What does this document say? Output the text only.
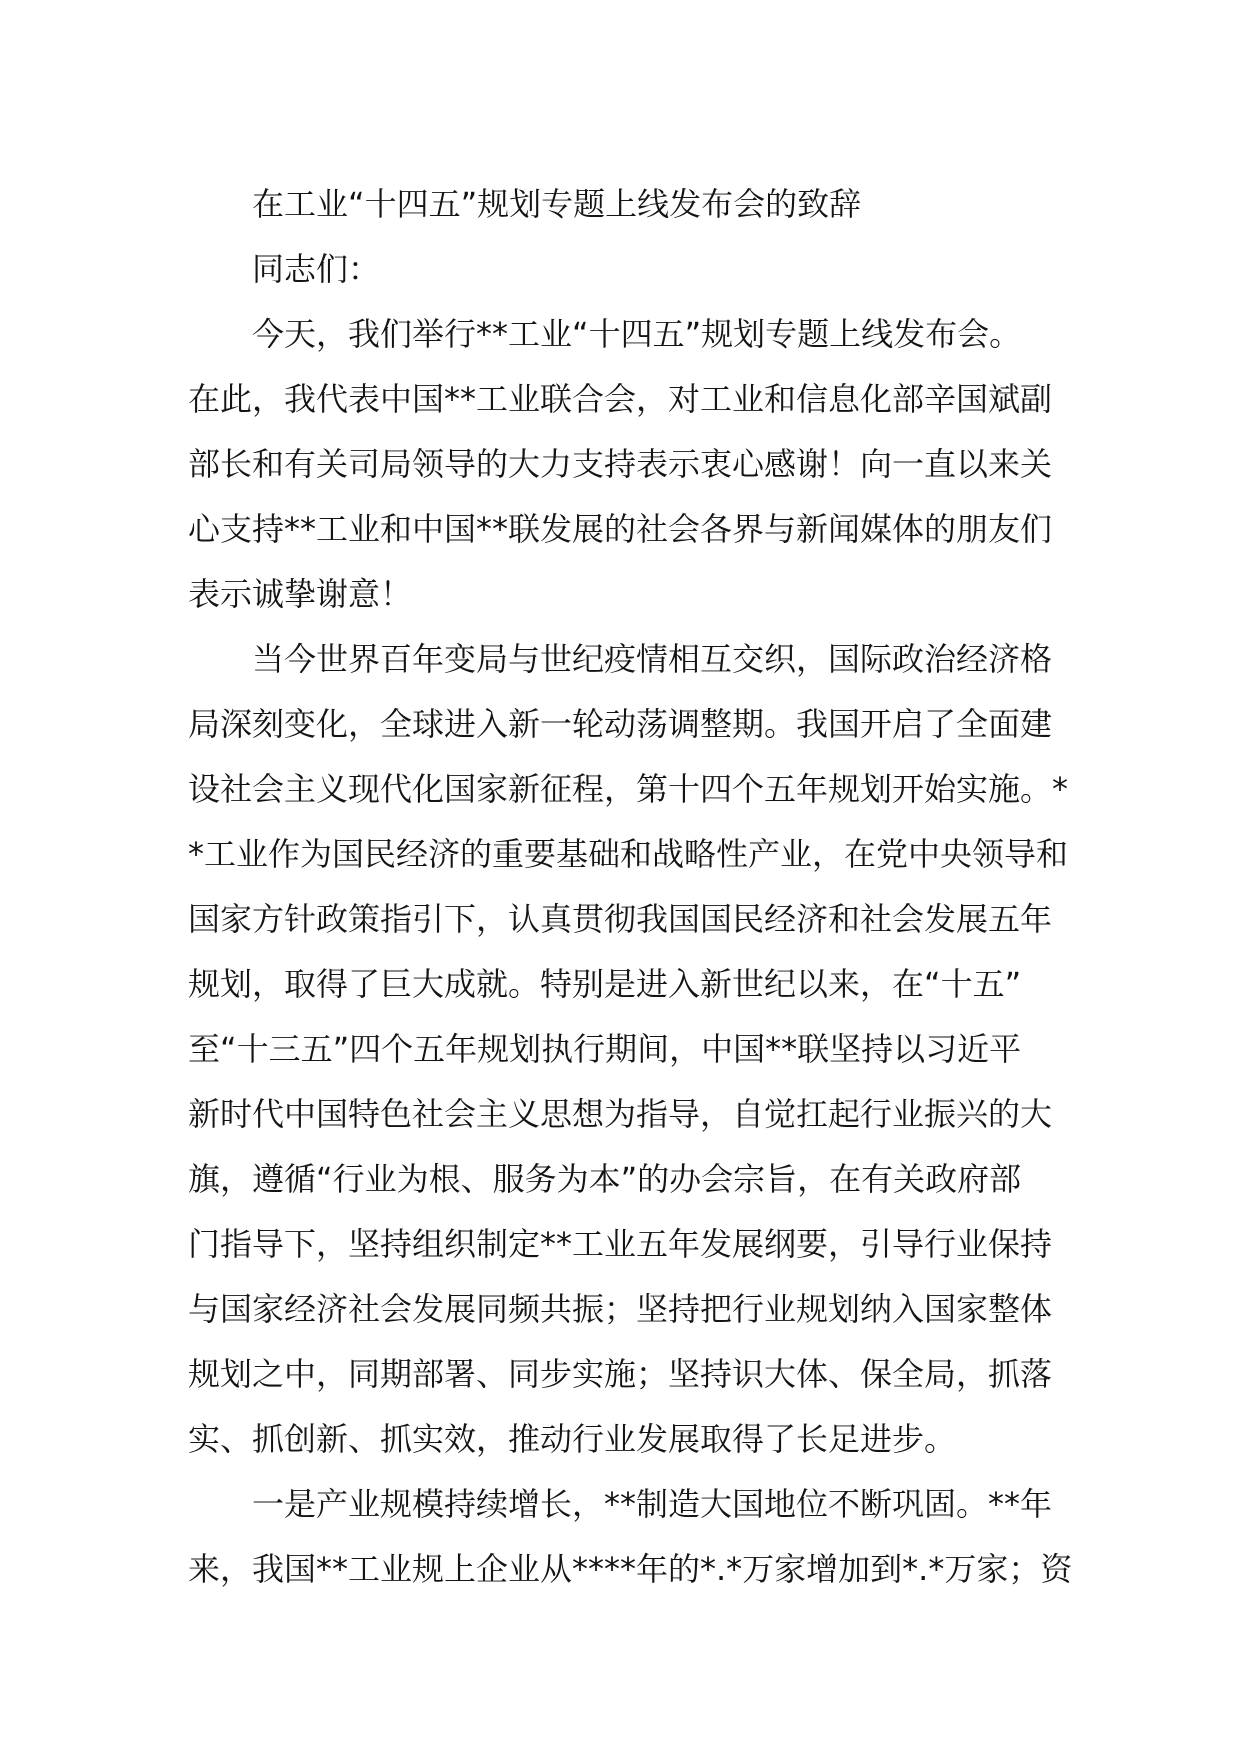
在工业“十四五”规划专题上线发布会的致辞
同志们：
今天，我们举行**工业“十四五”规划专题上线发布会。
在此，我代表中国**工业联合会，对工业和信息化部辛国斌副
部长和有关司局领导的大力支持表示衷心感谢！向一直以来关
心支持**工业和中国**联发展的社会各界与新闻媒体的朋友们
表示诚挚谢意！
当今世界百年变局与世纪疫情相互交织，国际政治经济格
局深刻变化，全球进入新一轮动荡调整期。我国开启了全面建
设社会主义现代化国家新征程，第十四个五年规划开始实施。*
*工业作为国民经济的重要基础和战略性产业，在党中央领导和
国家方针政策指引下，认真贯彻我国国民经济和社会发展五年
规划，取得了巨大成就。特别是进入新世纪以来，在“十五”
至“十三五”四个五年规划执行期间，中国**联坚持以习近平
新时代中国特色社会主义思想为指导，自觉扛起行业振兴的大
旗，遵循“行业为根、服务为本”的办会宗旨，在有关政府部
门指导下，坚持组织制定**工业五年发展纲要，引导行业保持
与国家经济社会发展同频共振；坚持把行业规划纳入国家整体
规划之中，同期部署、同步实施；坚持识大体、保全局，抓落
实、抓创新、抓实效，推动行业发展取得了长足进步。
一是产业规模持续增长，**制造大国地位不断巩固。**年
来，我国**工业规上企业从****年的*.*万家增加到*.*万家；资
